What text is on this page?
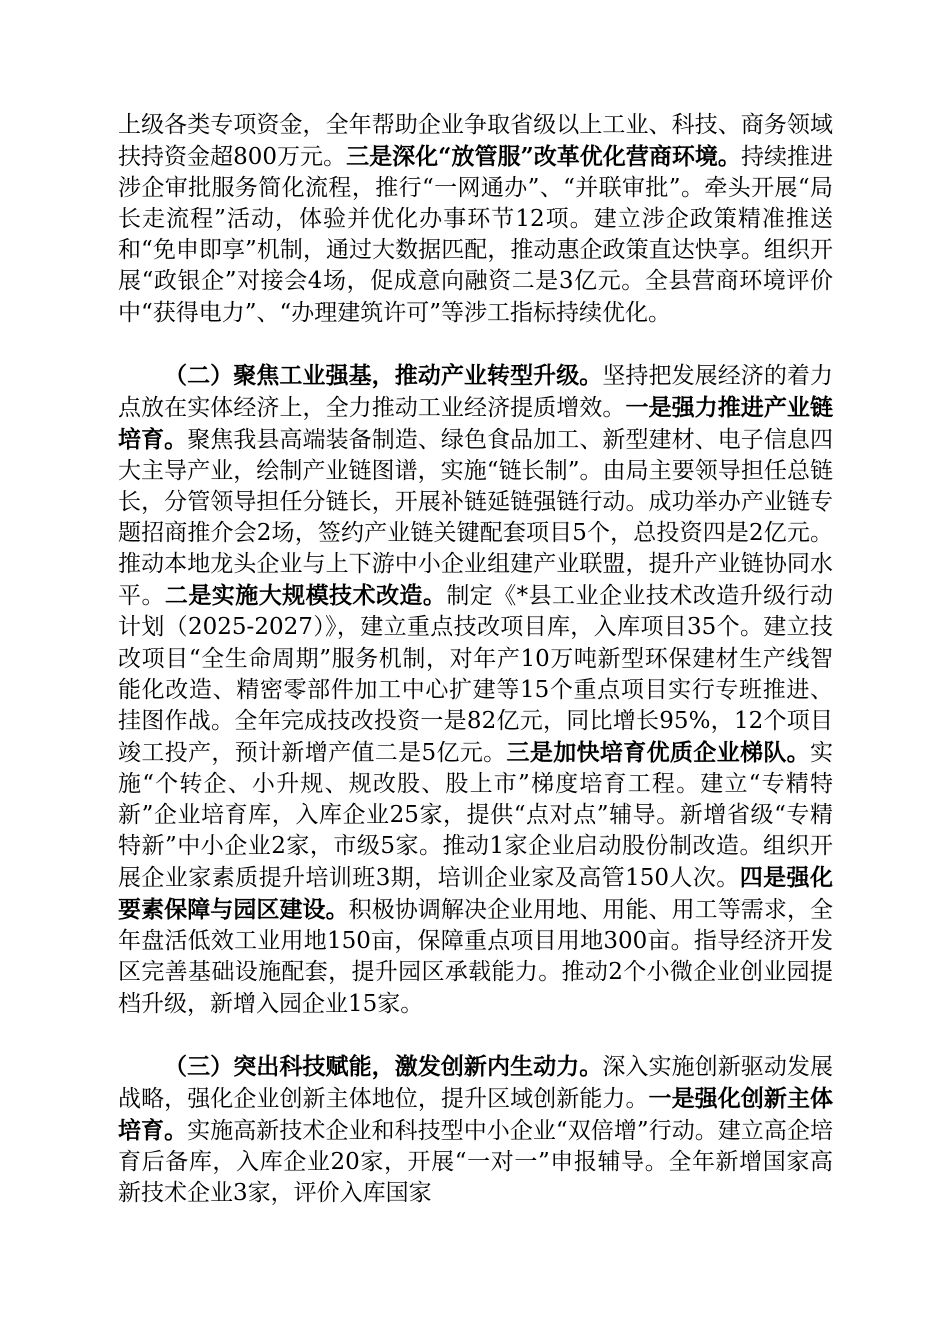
上级各类专项资金，全年帮助企业争取省级以上工业、科技、商务领域扶持资金超800万元。三是深化“放管服”改革优化营商环境。持续推进涉企审批服务简化流程，推行“一网通办”、“并联审批”。牵头开展“局长走流程”活动，体验并优化办事环节12项。建立涉企政策精准推送和“免申即享”机制，通过大数据匹配，推动惠企政策直达快享。组织开展“政银企”对接会4场，促成意向融资二是3亿元。全县营商环境评价中“获得电力”、“办理建筑许可”等涉工指标持续优化。

（二）聚焦工业强基，推动产业转型升级。坚持把发展经济的着力点放在实体经济上，全力推动工业经济提质增效。一是强力推进产业链培育。聚焦我县高端装备制造、绿色食品加工、新型建材、电子信息四大主导产业，绘制产业链图谱，实施“链长制”。由局主要领导担任总链长，分管领导担任分链长，开展补链延链强链行动。成功举办产业链专题招商推介会2场，签约产业链关键配套项目5个，总投资四是2亿元。推动本地龙头企业与上下游中小企业组建产业联盟，提升产业链协同水平。二是实施大规模技术改造。制定《*县工业企业技术改造升级行动计划（2025-2027）》，建立重点技改项目库，入库项目35个。建立技改项目“全生命周期”服务机制，对年产10万吨新型环保建材生产线智能化改造、精密零部件加工中心扩建等15个重点项目实行专班推进、挂图作战。全年完成技改投资一是82亿元，同比增长95%，12个项目竣工投产，预计新增产值二是5亿元。三是加快培育优质企业梯队。实施“个转企、小升规、规改股、股上市”梯度培育工程。建立“专精特新”企业培育库，入库企业25家，提供“点对点”辅导。新增省级“专精特新”中小企业2家，市级5家。推动1家企业启动股份制改造。组织开展企业家素质提升培训班3期，培训企业家及高管150人次。四是强化要素保障与园区建设。积极协调解决企业用地、用能、用工等需求，全年盘活低效工业用地150亩，保障重点项目用地300亩。指导经济开发区完善基础设施配套，提升园区承载能力。推动2个小微企业创业园提档升级，新增入园企业15家。

（三）突出科技赋能，激发创新内生动力。深入实施创新驱动发展战略，强化企业创新主体地位，提升区域创新能力。一是强化创新主体培育。实施高新技术企业和科技型中小企业“双倍增”行动。建立高企培育后备库，入库企业20家，开展“一对一”申报辅导。全年新增国家高新技术企业3家，评价入库国家
